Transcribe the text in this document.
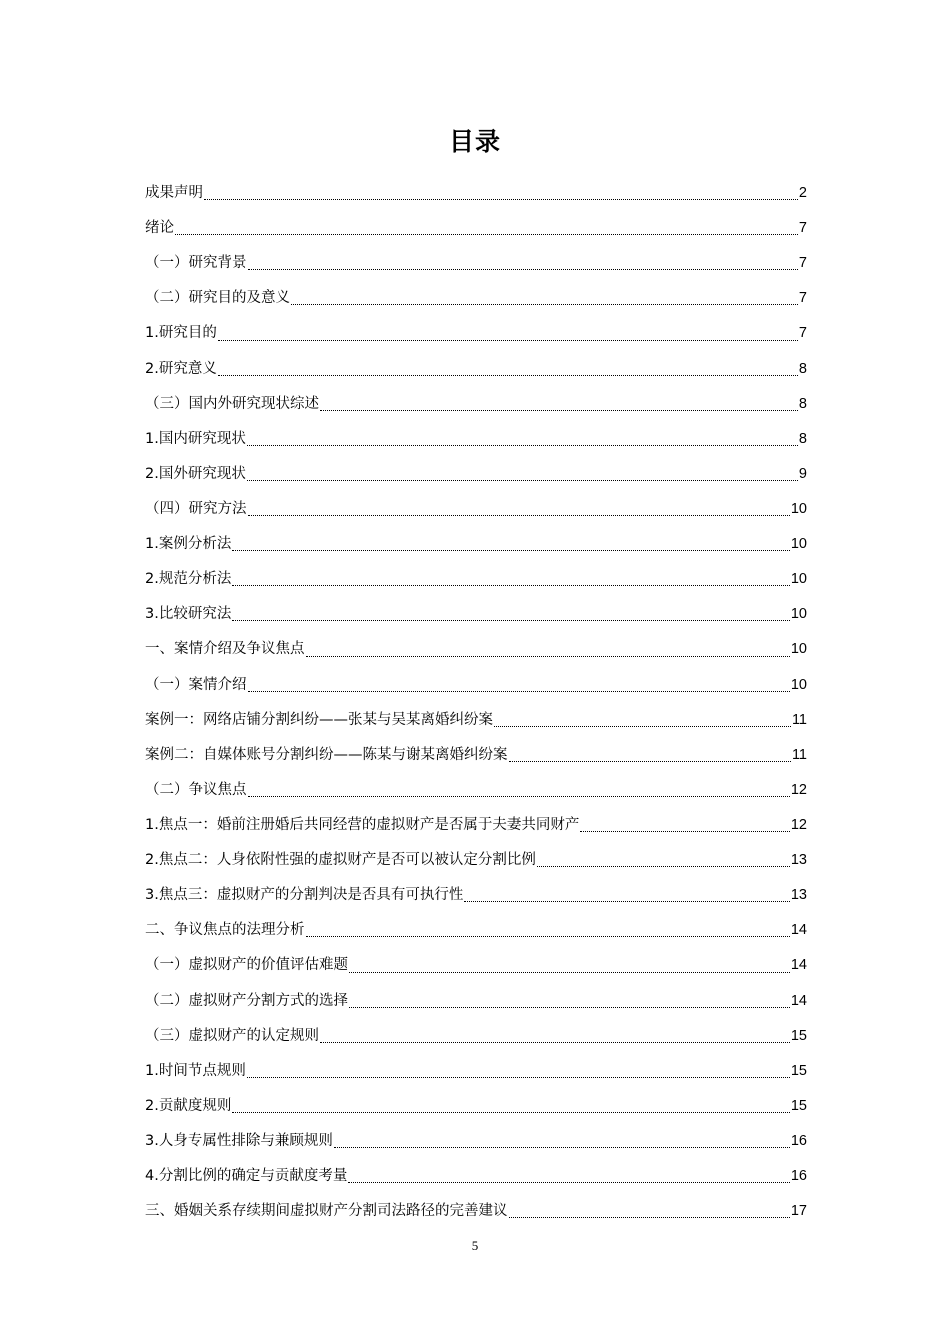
目录
成果声明	2
绪论	7
（一）研究背景	7
（二）研究目的及意义	7
1.研究目的	7
2.研究意义	8
（三）国内外研究现状综述	8
1.国内研究现状	8
2.国外研究现状	9
（四）研究方法	10
1.案例分析法	10
2.规范分析法	10
3.比较研究法	10
一、案情介绍及争议焦点	10
（一）案情介绍	10
案例一：网络店铺分割纠纷——张某与吴某离婚纠纷案	11
案例二：自媒体账号分割纠纷——陈某与谢某离婚纠纷案	11
（二）争议焦点	12
1.焦点一：婚前注册婚后共同经营的虚拟财产是否属于夫妻共同财产	12
2.焦点二：人身依附性强的虚拟财产是否可以被认定分割比例	13
3.焦点三：虚拟财产的分割判决是否具有可执行性	13
二、争议焦点的法理分析	14
（一）虚拟财产的价值评估难题	14
（二）虚拟财产分割方式的选择	14
（三）虚拟财产的认定规则	15
1.时间节点规则	15
2.贡献度规则	15
3.人身专属性排除与兼顾规则	16
4.分割比例的确定与贡献度考量	16
三、婚姻关系存续期间虚拟财产分割司法路径的完善建议	17
5
